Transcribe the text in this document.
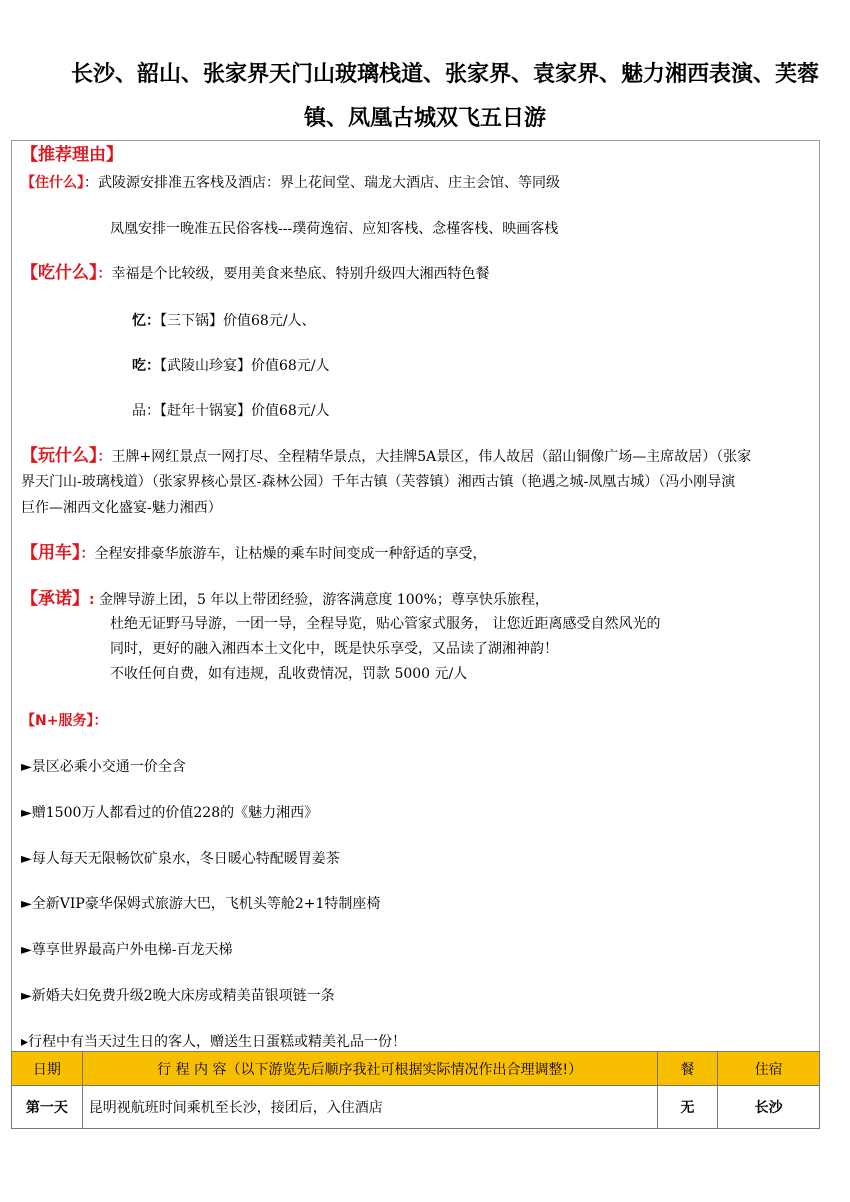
长沙、韶山、张家界天门山玻璃栈道、张家界、袁家界、魅力湘西表演、芙蓉
镇、凤凰古城双飞五日游
【推荐理由】
【住什么】：武陵源安排准五客栈及酒店：界上花间堂、瑞龙大酒店、庄主会馆、等同级
凤凰安排一晚准五民俗客栈---璞荷逸宿、应知客栈、念槿客栈、映画客栈
【吃什么】：幸福是个比较级，要用美食来垫底、特别升级四大湘西特色餐
忆：【三下锅】价值68元/人、
吃：【武陵山珍宴】价值68元/人
品：【赶年十锅宴】价值68元/人
【玩什么】：王牌+网红景点一网打尽、全程精华景点，大挂牌5A景区，伟人故居（韶山铜像广场—主席故居）（张家
界天门山-玻璃栈道）（张家界核心景区-森林公园）千年古镇（芙蓉镇）湘西古镇（艳遇之城-凤凰古城）（冯小刚导演
巨作—湘西文化盛宴-魅力湘西）
【用车】：全程安排豪华旅游车，让枯燥的乘车时间变成一种舒适的享受，
【承诺】: 金牌导游上团，5 年以上带团经验，游客满意度 100%；尊享快乐旅程，
杜绝无证野马导游，一团一导，全程导览，贴心管家式服务， 让您近距离感受自然风光的
同时，更好的融入湘西本土文化中，既是快乐享受，又品读了湖湘神韵！
不收任何自费，如有违规，乱收费情况，罚款 5000 元/人
【N+服务】：
►景区必乘小交通一价全含
►赠1500万人都看过的价值228的《魅力湘西》
►每人每天无限畅饮矿泉水，冬日暖心特配暖胃姜茶
►全新VIP豪华保姆式旅游大巴，飞机头等舱2+1特制座椅
►尊享世界最高户外电梯-百龙天梯
►新婚夫妇免费升级2晚大床房或精美苗银项链一条
▸行程中有当天过生日的客人，赠送生日蛋糕或精美礼品一份！
日期	行 程 内 容（以下游览先后顺序我社可根据实际情况作出合理调整!）	餐	住宿
第一天	昆明视航班时间乘机至长沙，接团后，入住酒店	无	长沙
